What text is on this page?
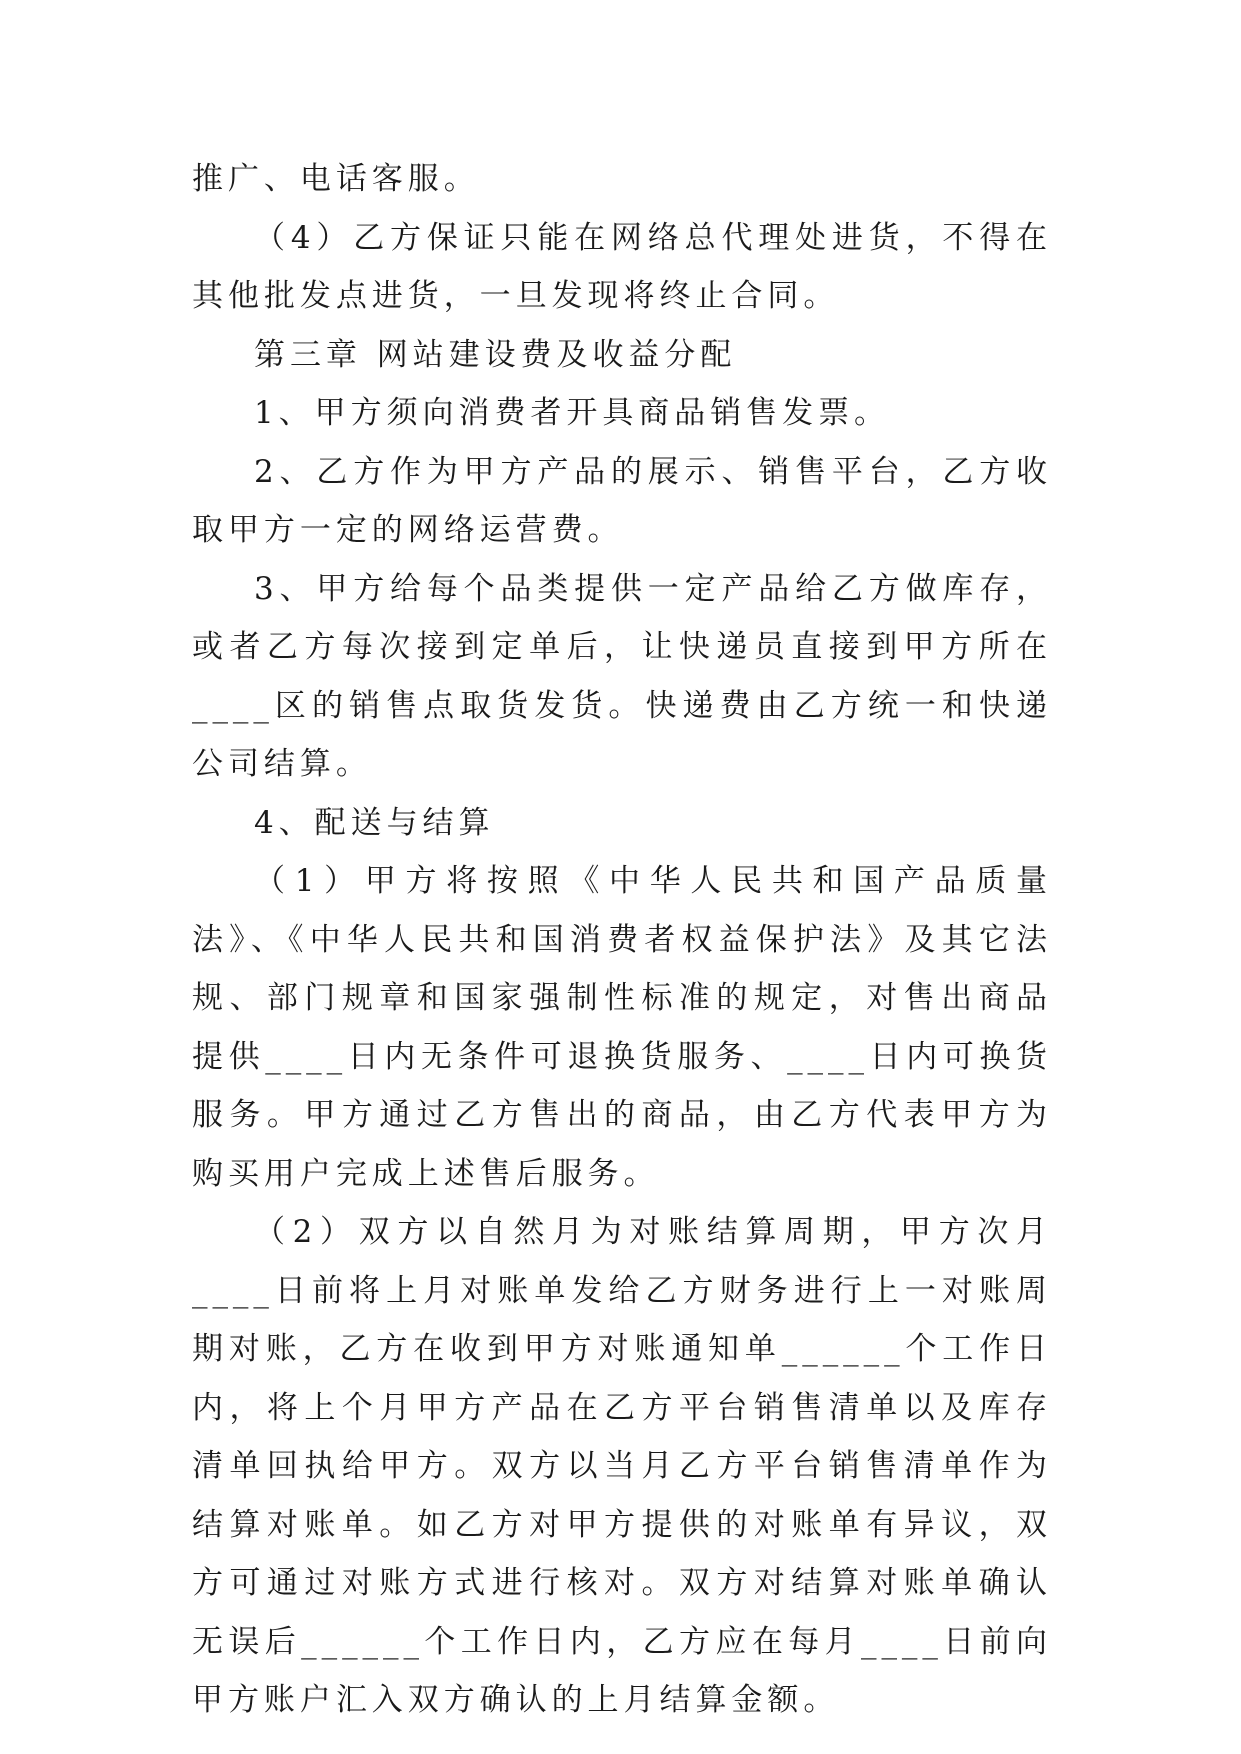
推广、电话客服。

（4）乙方保证只能在网络总代理处进货，不得在其他批发点进货，一旦发现将终止合同。

第三章 网站建设费及收益分配

1、甲方须向消费者开具商品销售发票。

2、乙方作为甲方产品的展示、销售平台，乙方收取甲方一定的网络运营费。

3、甲方给每个品类提供一定产品给乙方做库存，或者乙方每次接到定单后，让快递员直接到甲方所在____区的销售点取货发货。快递费由乙方统一和快递公司结算。

4、配送与结算

（1）甲方将按照《中华人民共和国产品质量法》、《中华人民共和国消费者权益保护法》及其它法规、部门规章和国家强制性标准的规定，对售出商品提供____日内无条件可退换货服务、____日内可换货服务。甲方通过乙方售出的商品，由乙方代表甲方为购买用户完成上述售后服务。

（2）双方以自然月为对账结算周期，甲方次月____日前将上月对账单发给乙方财务进行上一对账周期对账，乙方在收到甲方对账通知单______个工作日内，将上个月甲方产品在乙方平台销售清单以及库存清单回执给甲方。双方以当月乙方平台销售清单作为结算对账单。如乙方对甲方提供的对账单有异议，双方可通过对账方式进行核对。双方对结算对账单确认无误后______个工作日内，乙方应在每月____日前向甲方账户汇入双方确认的上月结算金额。
